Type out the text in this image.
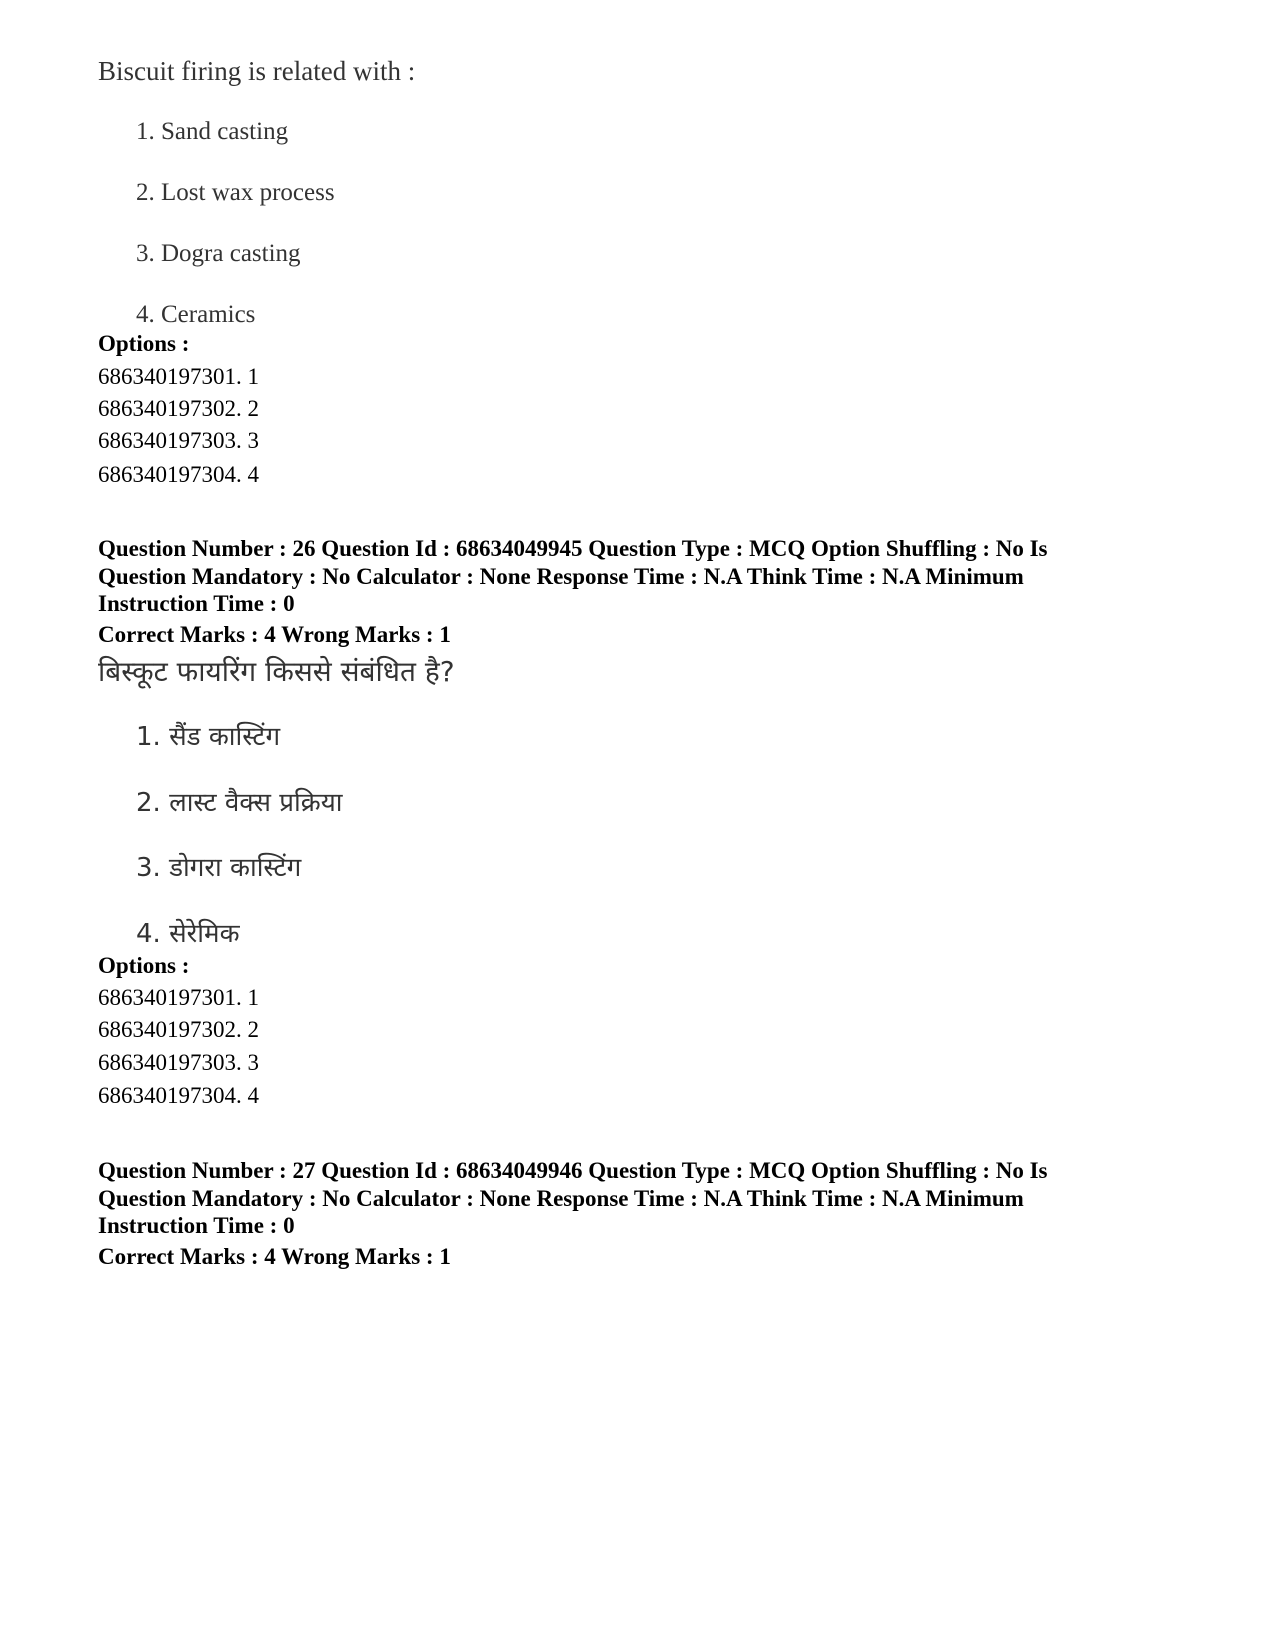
Biscuit firing is related with :

1. Sand casting
2. Lost wax process
3. Dogra casting
4. Ceramics
Options :
686340197301. 1
686340197302. 2
686340197303. 3
686340197304. 4

Question Number : 26 Question Id : 68634049945 Question Type : MCQ Option Shuffling : No Is

Question Mandatory : No Calculator : None Response Time : N.A Think Time : N.A Minimum

Instruction Time : 0

Correct Marks : 4 Wrong Marks : 1

बिस्कूट फायरिंग किससे संबंधित है?

1. सैंड कास्टिंग
2. लास्ट वैक्स प्रक्रिया
3. डोगरा कास्टिंग
4. सेरेमिक
Options :
686340197301. 1
686340197302. 2
686340197303. 3
686340197304. 4

Question Number : 27 Question Id : 68634049946 Question Type : MCQ Option Shuffling : No Is

Question Mandatory : No Calculator : None Response Time : N.A Think Time : N.A Minimum

Instruction Time : 0

Correct Marks : 4 Wrong Marks : 1
